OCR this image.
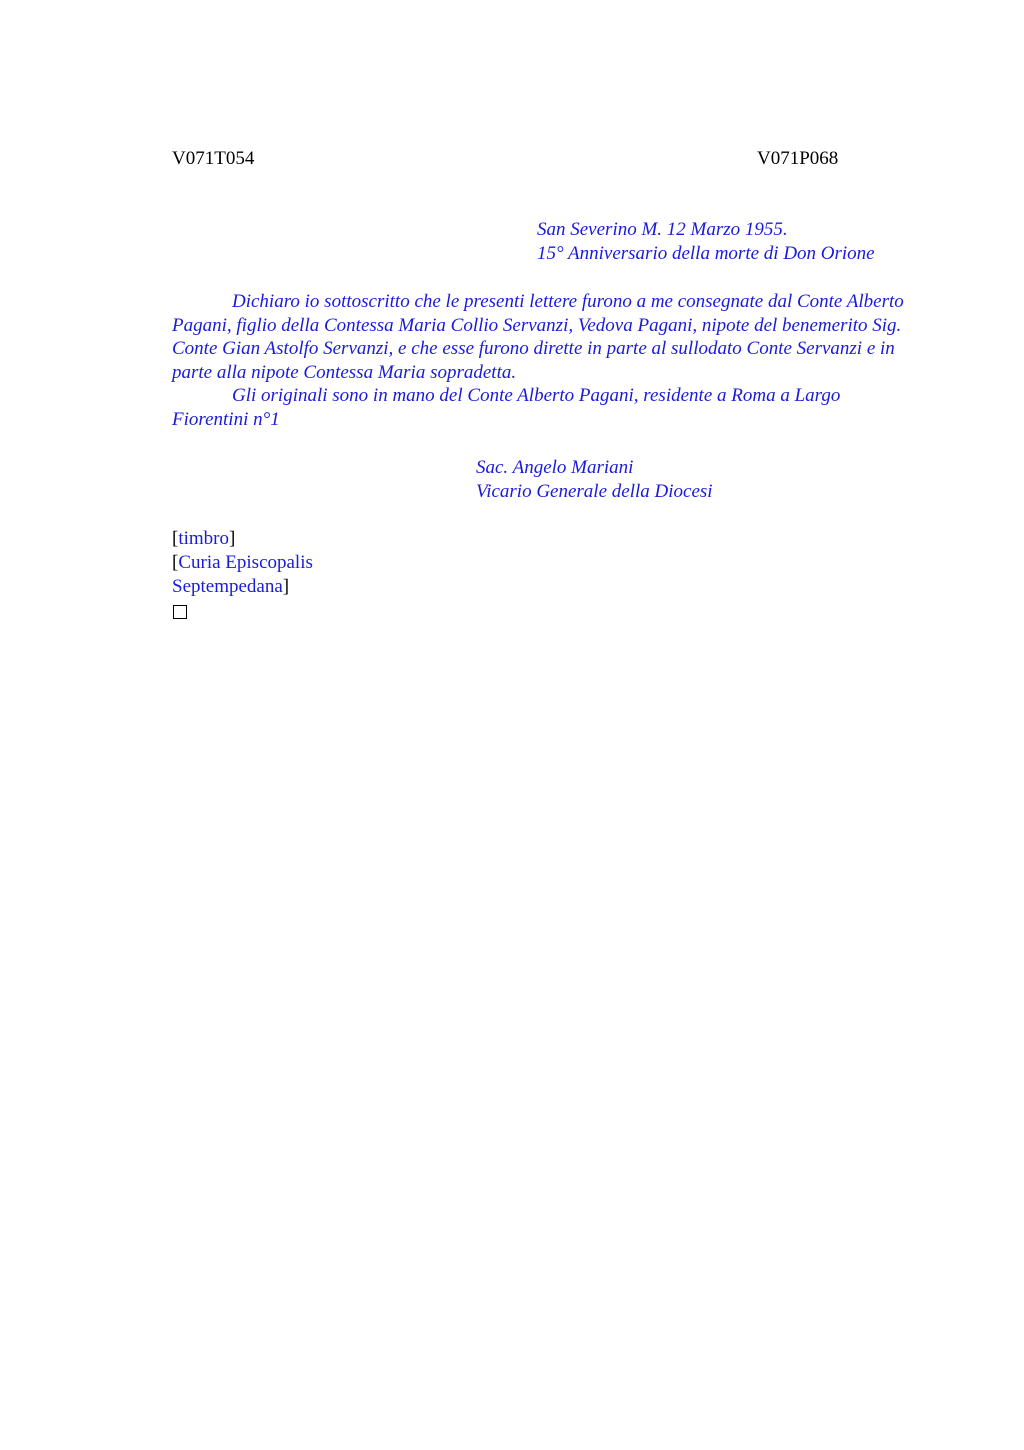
V071T054	V071P068
San Severino M. 12 Marzo 1955.
15° Anniversario della morte di Don Orione

Dichiaro io sottoscritto che le presenti lettere furono a me consegnate dal Conte Alberto Pagani, figlio della Contessa Maria Collio Servanzi, Vedova Pagani, nipote del benemerito Sig. Conte Gian Astolfo Servanzi, e che esse furono dirette in parte al sullodato Conte Servanzi e in parte alla nipote Contessa Maria sopradetta.

Gli originali sono in mano del Conte Alberto Pagani, residente a Roma a Largo Fiorentini n°1

Sac. Angelo Mariani
Vicario Generale della Diocesi
[timbro]
[Curia Episcopalis
Septempedana]
